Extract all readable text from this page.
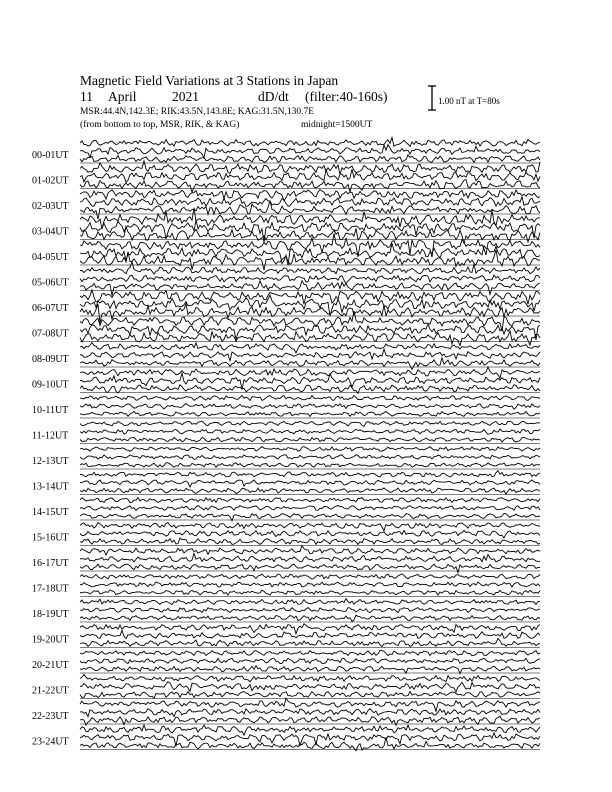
Magnetic Field Variations at 3 Stations in Japan
11 April	2021	dD/dt (filter:40-160s)
MSR:44.4N,142.3E; RIK:43.5N,143.8E; KAG:31.5N,130.7E
(from bottom to top, MSR, RIK, & KAG)	midnight=1500UT
1.00 nT at T=80s
00-01UT
01-02UT
02-03UT
03-04UT
04-05UT
05-06UT
06-07UT
07-08UT
08-09UT
09-10UT
10-11UT
11-12UT
12-13UT
13-14UT
14-15UT
15-16UT
16-17UT
17-18UT
18-19UT
19-20UT
20-21UT
21-22UT
22-23UT
23-24UT
